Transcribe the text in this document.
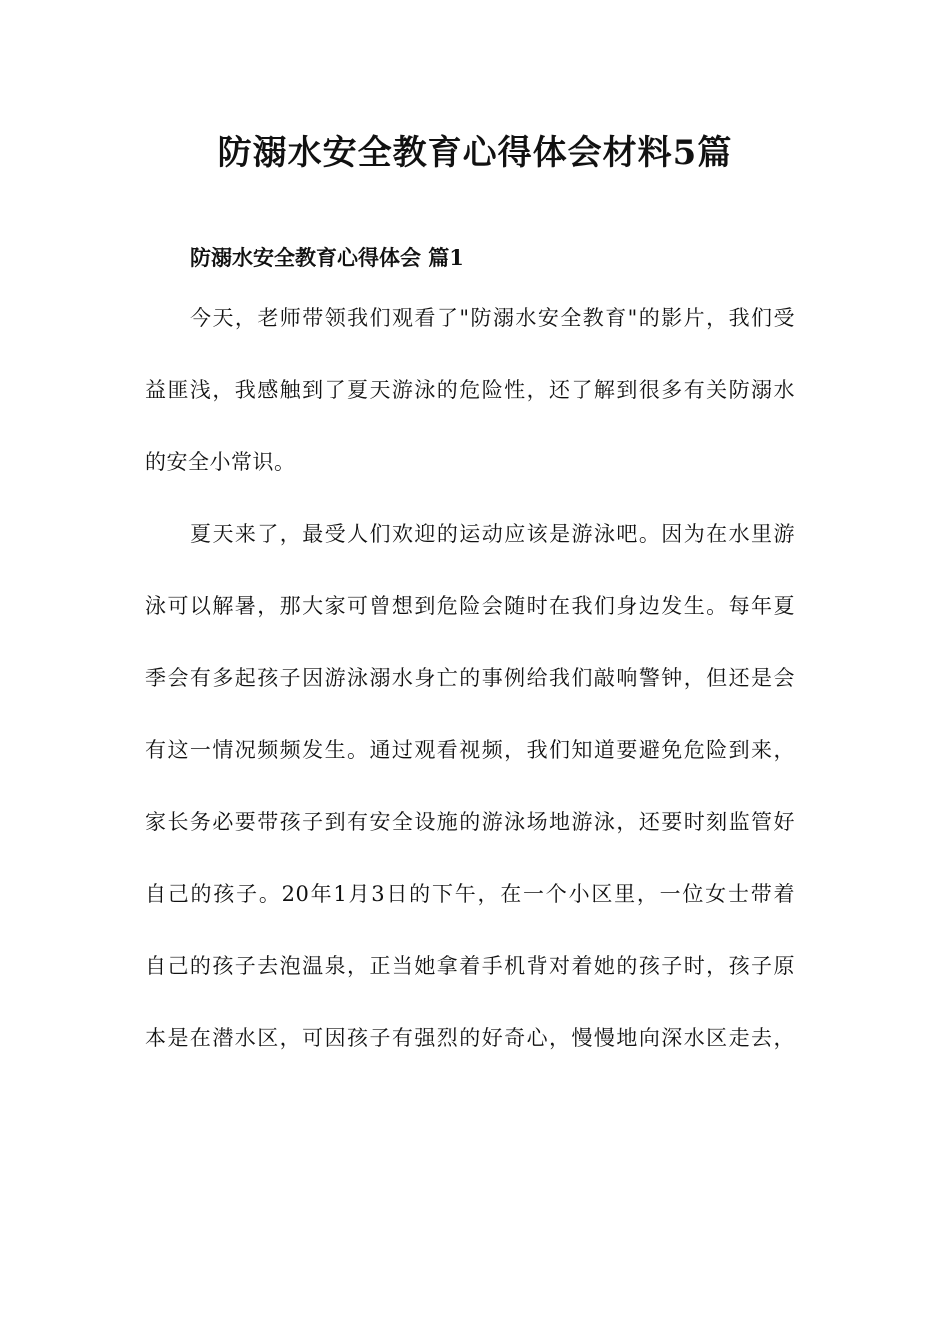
防溺水安全教育心得体会材料5篇
防溺水安全教育心得体会 篇1
今天，老师带领我们观看了"防溺水安全教育"的影片，我们受
益匪浅，我感触到了夏天游泳的危险性，还了解到很多有关防溺水
的安全小常识。
夏天来了，最受人们欢迎的运动应该是游泳吧。因为在水里游
泳可以解暑，那大家可曾想到危险会随时在我们身边发生。每年夏
季会有多起孩子因游泳溺水身亡的事例给我们敲响警钟，但还是会
有这一情况频频发生。通过观看视频，我们知道要避免危险到来，
家长务必要带孩子到有安全设施的游泳场地游泳，还要时刻监管好
自己的孩子。20年1月3日的下午，在一个小区里，一位女士带着
自己的孩子去泡温泉，正当她拿着手机背对着她的孩子时，孩子原
本是在潜水区，可因孩子有强烈的好奇心，慢慢地向深水区走去，
